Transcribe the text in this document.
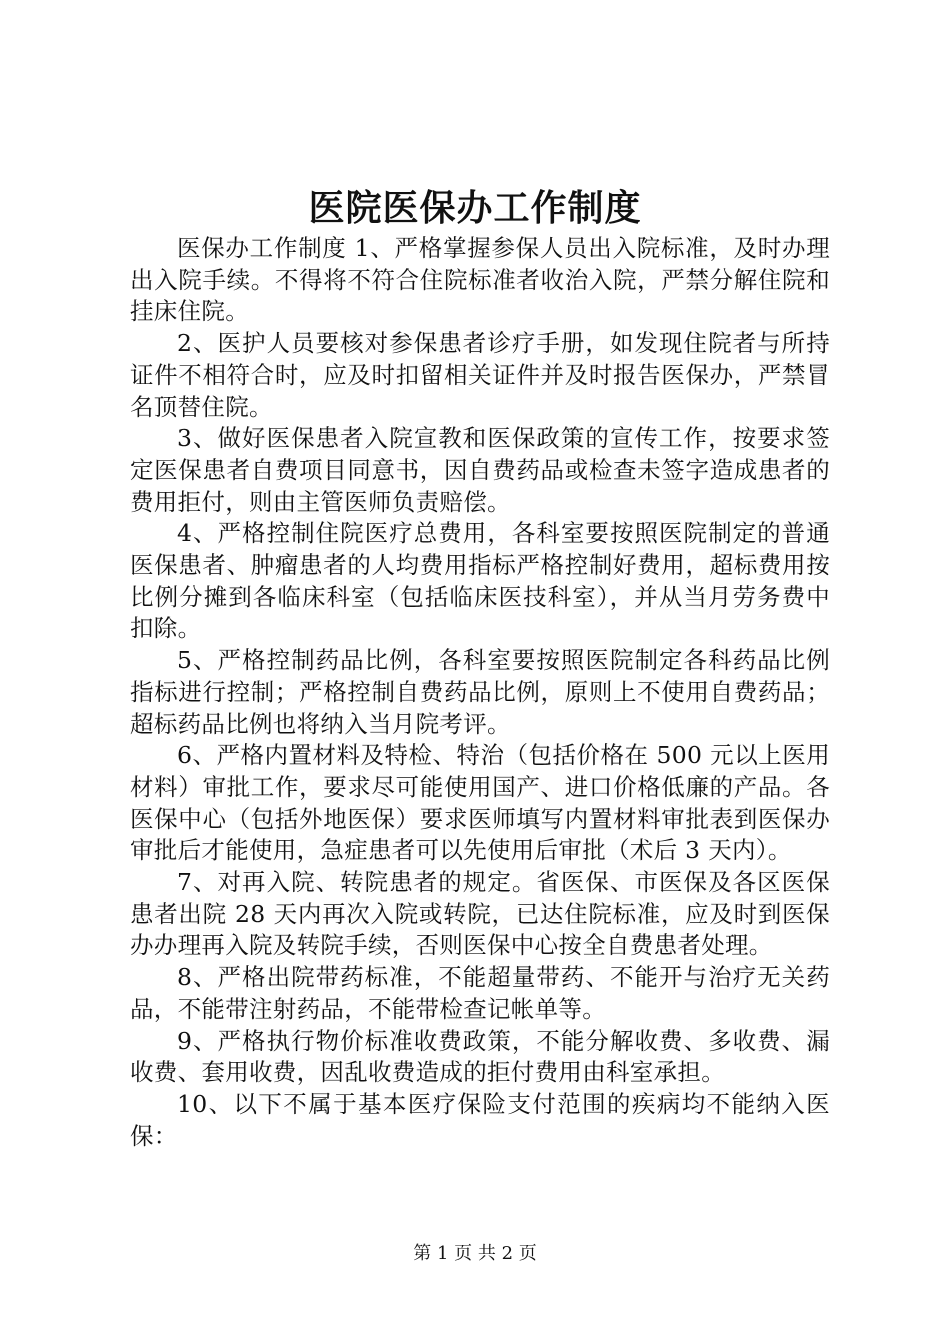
医院医保办工作制度

医保办工作制度 1、严格掌握参保人员出入院标准，及时办理出入院手续。不得将不符合住院标准者收治入院，严禁分解住院和挂床住院。

2、医护人员要核对参保患者诊疗手册，如发现住院者与所持证件不相符合时，应及时扣留相关证件并及时报告医保办，严禁冒名顶替住院。

3、做好医保患者入院宣教和医保政策的宣传工作，按要求签定医保患者自费项目同意书，因自费药品或检查未签字造成患者的费用拒付，则由主管医师负责赔偿。

4、严格控制住院医疗总费用，各科室要按照医院制定的普通医保患者、肿瘤患者的人均费用指标严格控制好费用，超标费用按比例分摊到各临床科室（包括临床医技科室），并从当月劳务费中扣除。

5、严格控制药品比例，各科室要按照医院制定各科药品比例指标进行控制；严格控制自费药品比例，原则上不使用自费药品；超标药品比例也将纳入当月院考评。

6、严格内置材料及特检、特治（包括价格在 500 元以上医用材料）审批工作，要求尽可能使用国产、进口价格低廉的产品。各医保中心（包括外地医保）要求医师填写内置材料审批表到医保办审批后才能使用，急症患者可以先使用后审批（术后 3 天内）。

7、对再入院、转院患者的规定。省医保、市医保及各区医保患者出院 28 天内再次入院或转院，已达住院标准，应及时到医保办办理再入院及转院手续，否则医保中心按全自费患者处理。

8、严格出院带药标准，不能超量带药、不能开与治疗无关药品，不能带注射药品，不能带检查记帐单等。

9、严格执行物价标准收费政策，不能分解收费、多收费、漏收费、套用收费，因乱收费造成的拒付费用由科室承担。

10、以下不属于基本医疗保险支付范围的疾病均不能纳入医保：

第 1 页 共 2 页
